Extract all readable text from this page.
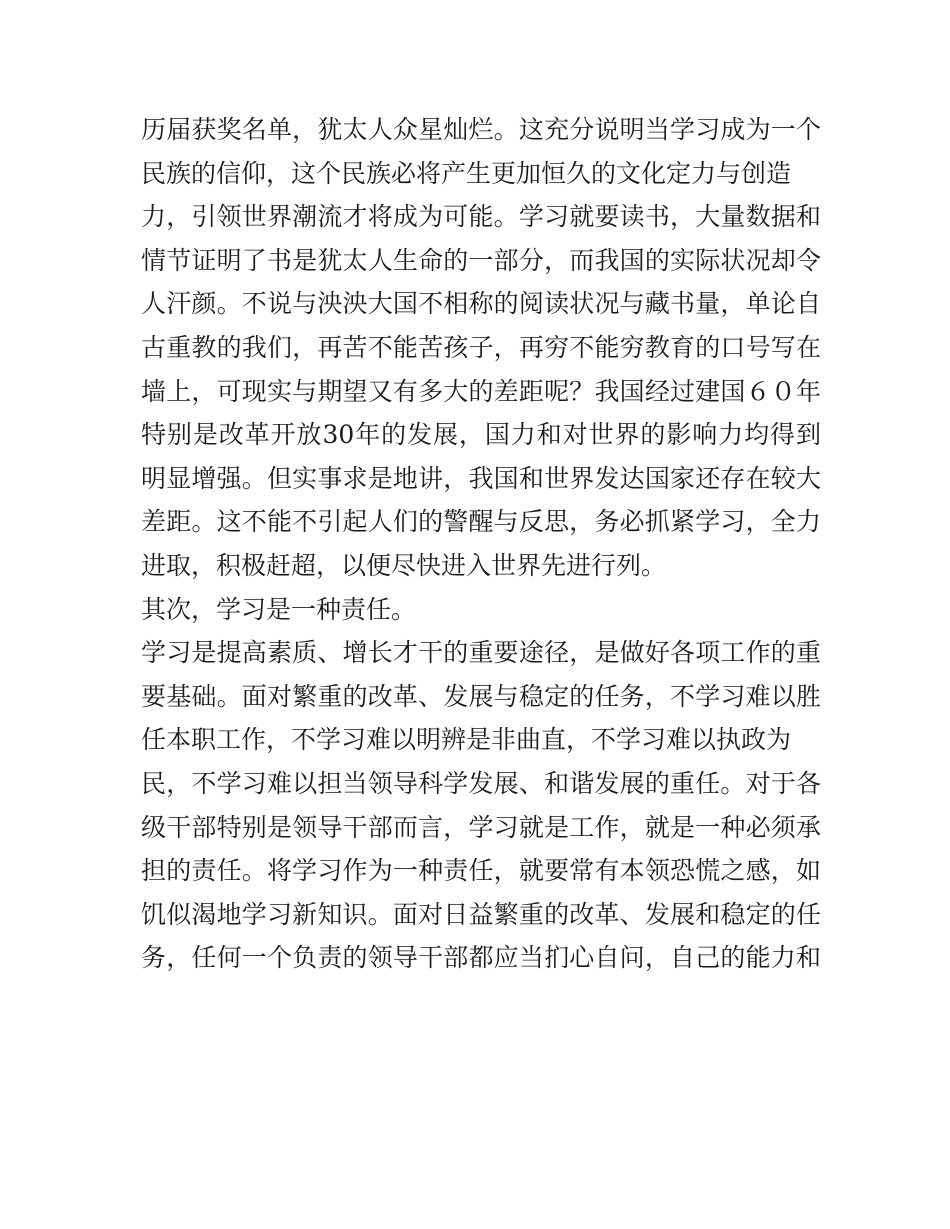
历届获奖名单，犹太人众星灿烂。这充分说明当学习成为一个
民族的信仰，这个民族必将产生更加恒久的文化定力与创造
力，引领世界潮流才将成为可能。学习就要读书，大量数据和
情节证明了书是犹太人生命的一部分，而我国的实际状况却令
人汗颜。不说与泱泱大国不相称的阅读状况与藏书量，单论自
古重教的我们，再苦不能苦孩子，再穷不能穷教育的口号写在
墙上，可现实与期望又有多大的差距呢？我国经过建国６０年
特别是改革开放30年的发展，国力和对世界的影响力均得到
明显增强。但实事求是地讲，我国和世界发达国家还存在较大
差距。这不能不引起人们的警醒与反思，务必抓紧学习，全力
进取，积极赶超，以便尽快进入世界先进行列。
其次，学习是一种责任。
学习是提高素质、增长才干的重要途径，是做好各项工作的重
要基础。面对繁重的改革、发展与稳定的任务，不学习难以胜
任本职工作，不学习难以明辨是非曲直，不学习难以执政为
民，不学习难以担当领导科学发展、和谐发展的重任。对于各
级干部特别是领导干部而言，学习就是工作，就是一种必须承
担的责任。将学习作为一种责任，就要常有本领恐慌之感，如
饥似渴地学习新知识。面对日益繁重的改革、发展和稳定的任
务，任何一个负责的领导干部都应当扪心自问，自己的能力和
